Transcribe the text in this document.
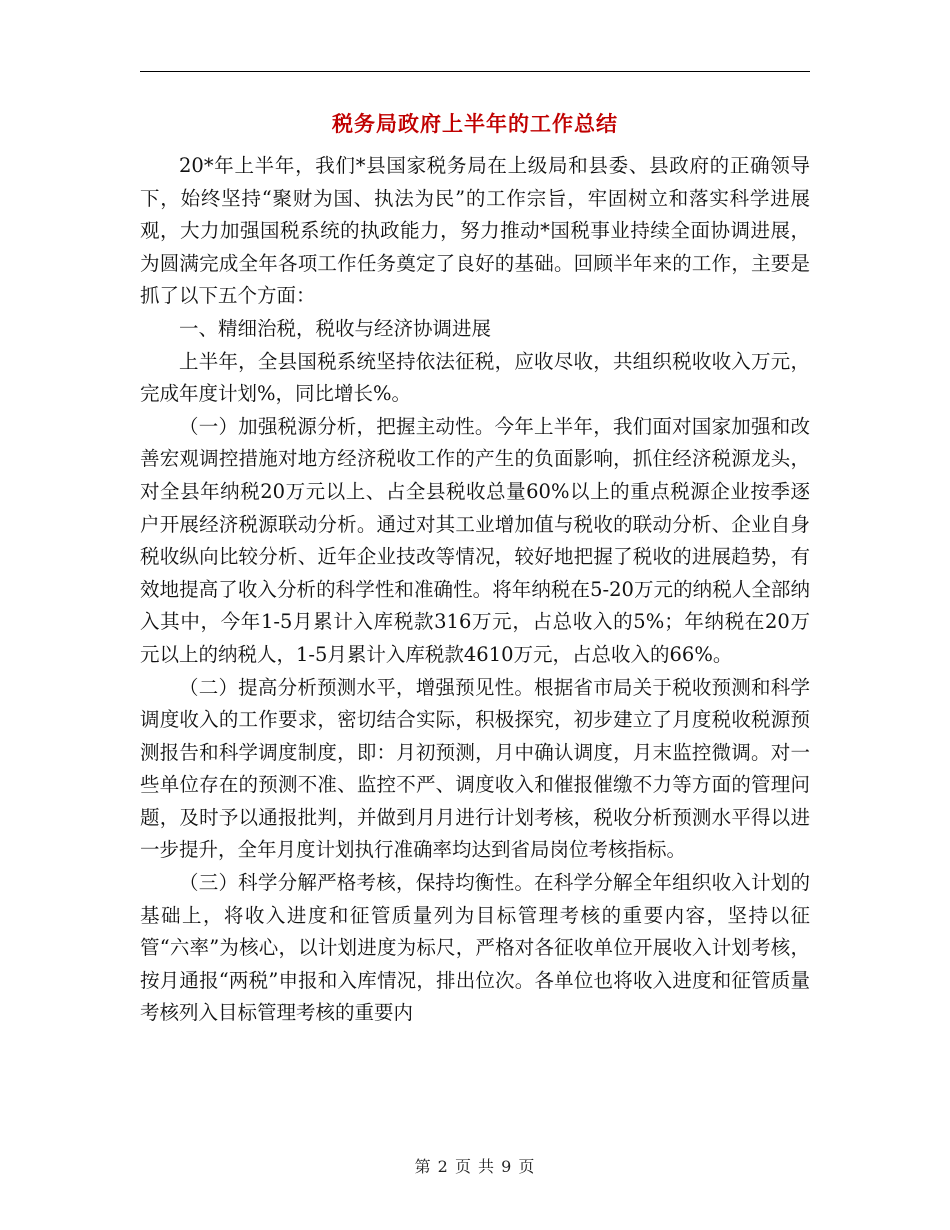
税务局政府上半年的工作总结

20*年上半年，我们*县国家税务局在上级局和县委、县政府的正确领导下，始终坚持“聚财为国、执法为民”的工作宗旨，牢固树立和落实科学进展观，大力加强国税系统的执政能力，努力推动*国税事业持续全面协调进展，为圆满完成全年各项工作任务奠定了良好的基础。回顾半年来的工作，主要是抓了以下五个方面：

一、精细治税，税收与经济协调进展

上半年，全县国税系统坚持依法征税，应收尽收，共组织税收收入万元，完成年度计划%，同比增长%。

（一）加强税源分析，把握主动性。今年上半年，我们面对国家加强和改善宏观调控措施对地方经济税收工作的产生的负面影响，抓住经济税源龙头，对全县年纳税20万元以上、占全县税收总量60%以上的重点税源企业按季逐户开展经济税源联动分析。通过对其工业增加值与税收的联动分析、企业自身税收纵向比较分析、近年企业技改等情况，较好地把握了税收的进展趋势，有效地提高了收入分析的科学性和准确性。将年纳税在5-20万元的纳税人全部纳入其中，今年1-5月累计入库税款316万元，占总收入的5%；年纳税在20万元以上的纳税人，1-5月累计入库税款4610万元，占总收入的66%。

（二）提高分析预测水平，增强预见性。根据省市局关于税收预测和科学调度收入的工作要求，密切结合实际，积极探究，初步建立了月度税收税源预测报告和科学调度制度，即：月初预测，月中确认调度，月末监控微调。对一些单位存在的预测不准、监控不严、调度收入和催报催缴不力等方面的管理问题，及时予以通报批判，并做到月月进行计划考核，税收分析预测水平得以进一步提升，全年月度计划执行准确率均达到省局岗位考核指标。

（三）科学分解严格考核，保持均衡性。在科学分解全年组织收入计划的基础上，将收入进度和征管质量列为目标管理考核的重要内容，坚持以征管“六率”为核心，以计划进度为标尺，严格对各征收单位开展收入计划考核，按月通报“两税”申报和入库情况，排出位次。各单位也将收入进度和征管质量考核列入目标管理考核的重要内

第 2 页 共 9 页
